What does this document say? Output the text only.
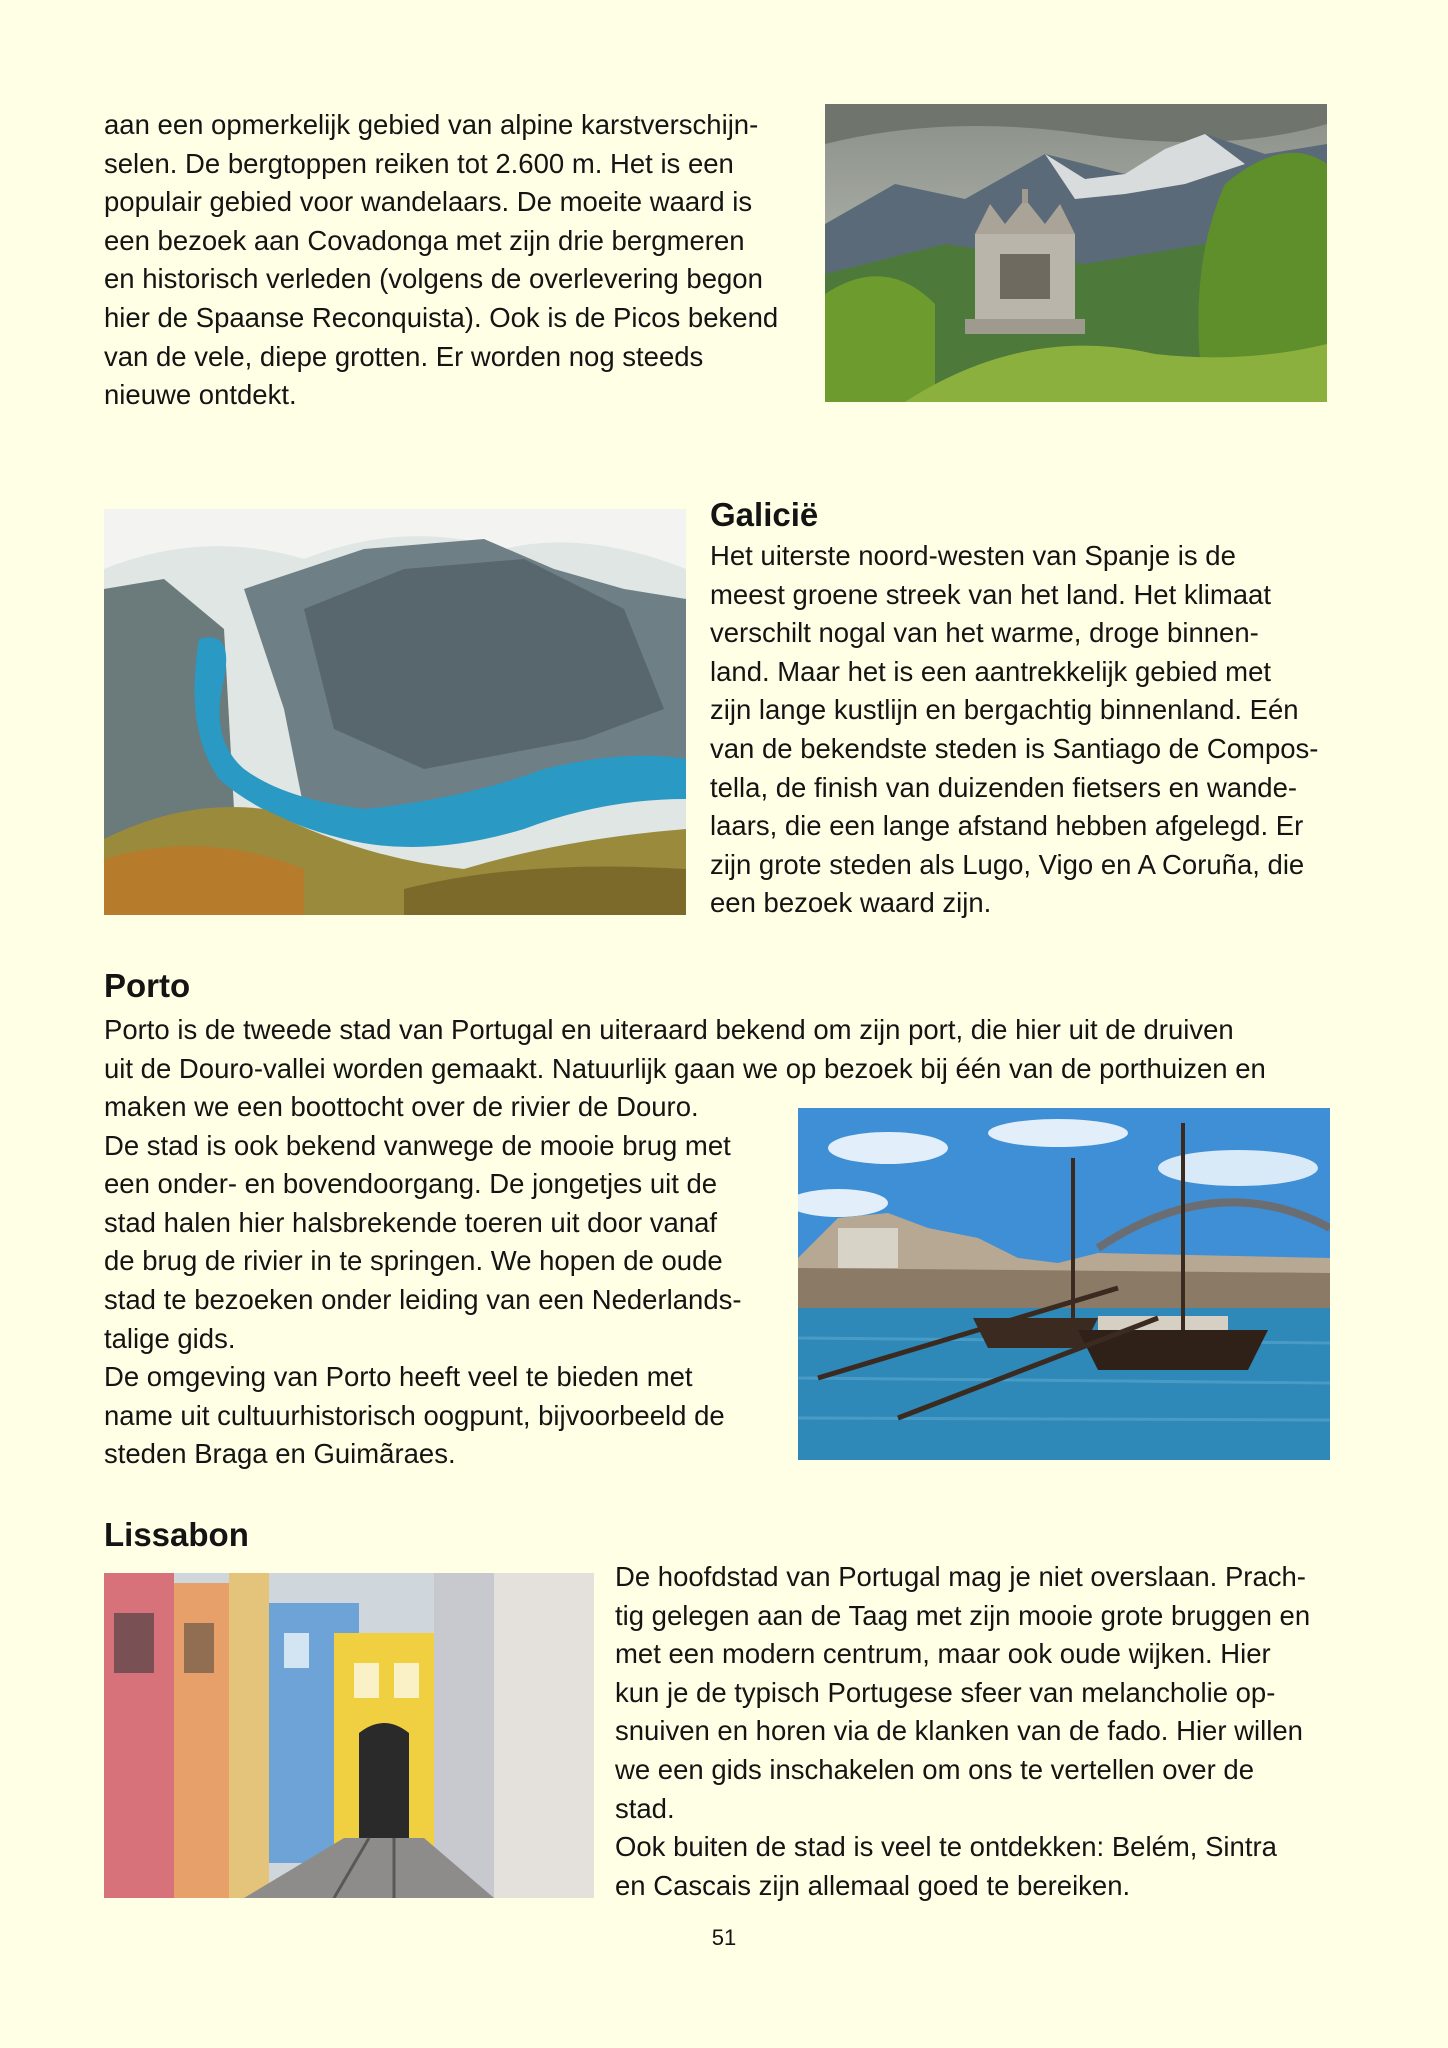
aan een opmerkelijk gebied van alpine karstverschijn-
selen. De bergtoppen reiken tot 2.600 m. Het is een
populair gebied voor wandelaars. De moeite waard is
een bezoek aan Covadonga met zijn drie bergmeren
en historisch verleden (volgens de overlevering begon
hier de Spaanse Reconquista). Ook is de Picos bekend
van de vele, diepe grotten. Er worden nog steeds
nieuwe ontdekt.
Galicië
Het uiterste noord-westen van Spanje is de
meest groene streek van het land. Het klimaat
verschilt nogal van het warme, droge binnen-
land. Maar het is een aantrekkelijk gebied met
zijn lange kustlijn en bergachtig binnenland. Eén
van de bekendste steden is Santiago de Compos-
tella, de finish van duizenden fietsers en wande-
laars, die een lange afstand hebben afgelegd. Er
zijn grote steden als Lugo, Vigo en A Coruña, die
een bezoek waard zijn.
Porto
Porto is de tweede stad van Portugal en uiteraard bekend om zijn port, die hier uit de druiven
uit de Douro-vallei worden gemaakt. Natuurlijk gaan we op bezoek bij één van de porthuizen en
maken we een boottocht over de rivier de Douro.
De stad is ook bekend vanwege de mooie brug met
een onder- en bovendoorgang. De jongetjes uit de
stad halen hier halsbrekende toeren uit door vanaf
de brug de rivier in te springen. We hopen de oude
stad te bezoeken onder leiding van een Nederlands-
talige gids.
De omgeving van Porto heeft veel te bieden met
name uit cultuurhistorisch oogpunt, bijvoorbeeld de
steden Braga en Guimãraes.
Lissabon
De hoofdstad van Portugal mag je niet overslaan. Prach-
tig gelegen aan de Taag met zijn mooie grote bruggen en
met een modern centrum, maar ook oude wijken. Hier
kun je de typisch Portugese sfeer van melancholie op-
snuiven en horen via de klanken van de fado. Hier willen
we een gids inschakelen om ons te vertellen over de
stad.
Ook buiten de stad is veel te ontdekken: Belém, Sintra
en Cascais zijn allemaal goed te bereiken.
51
